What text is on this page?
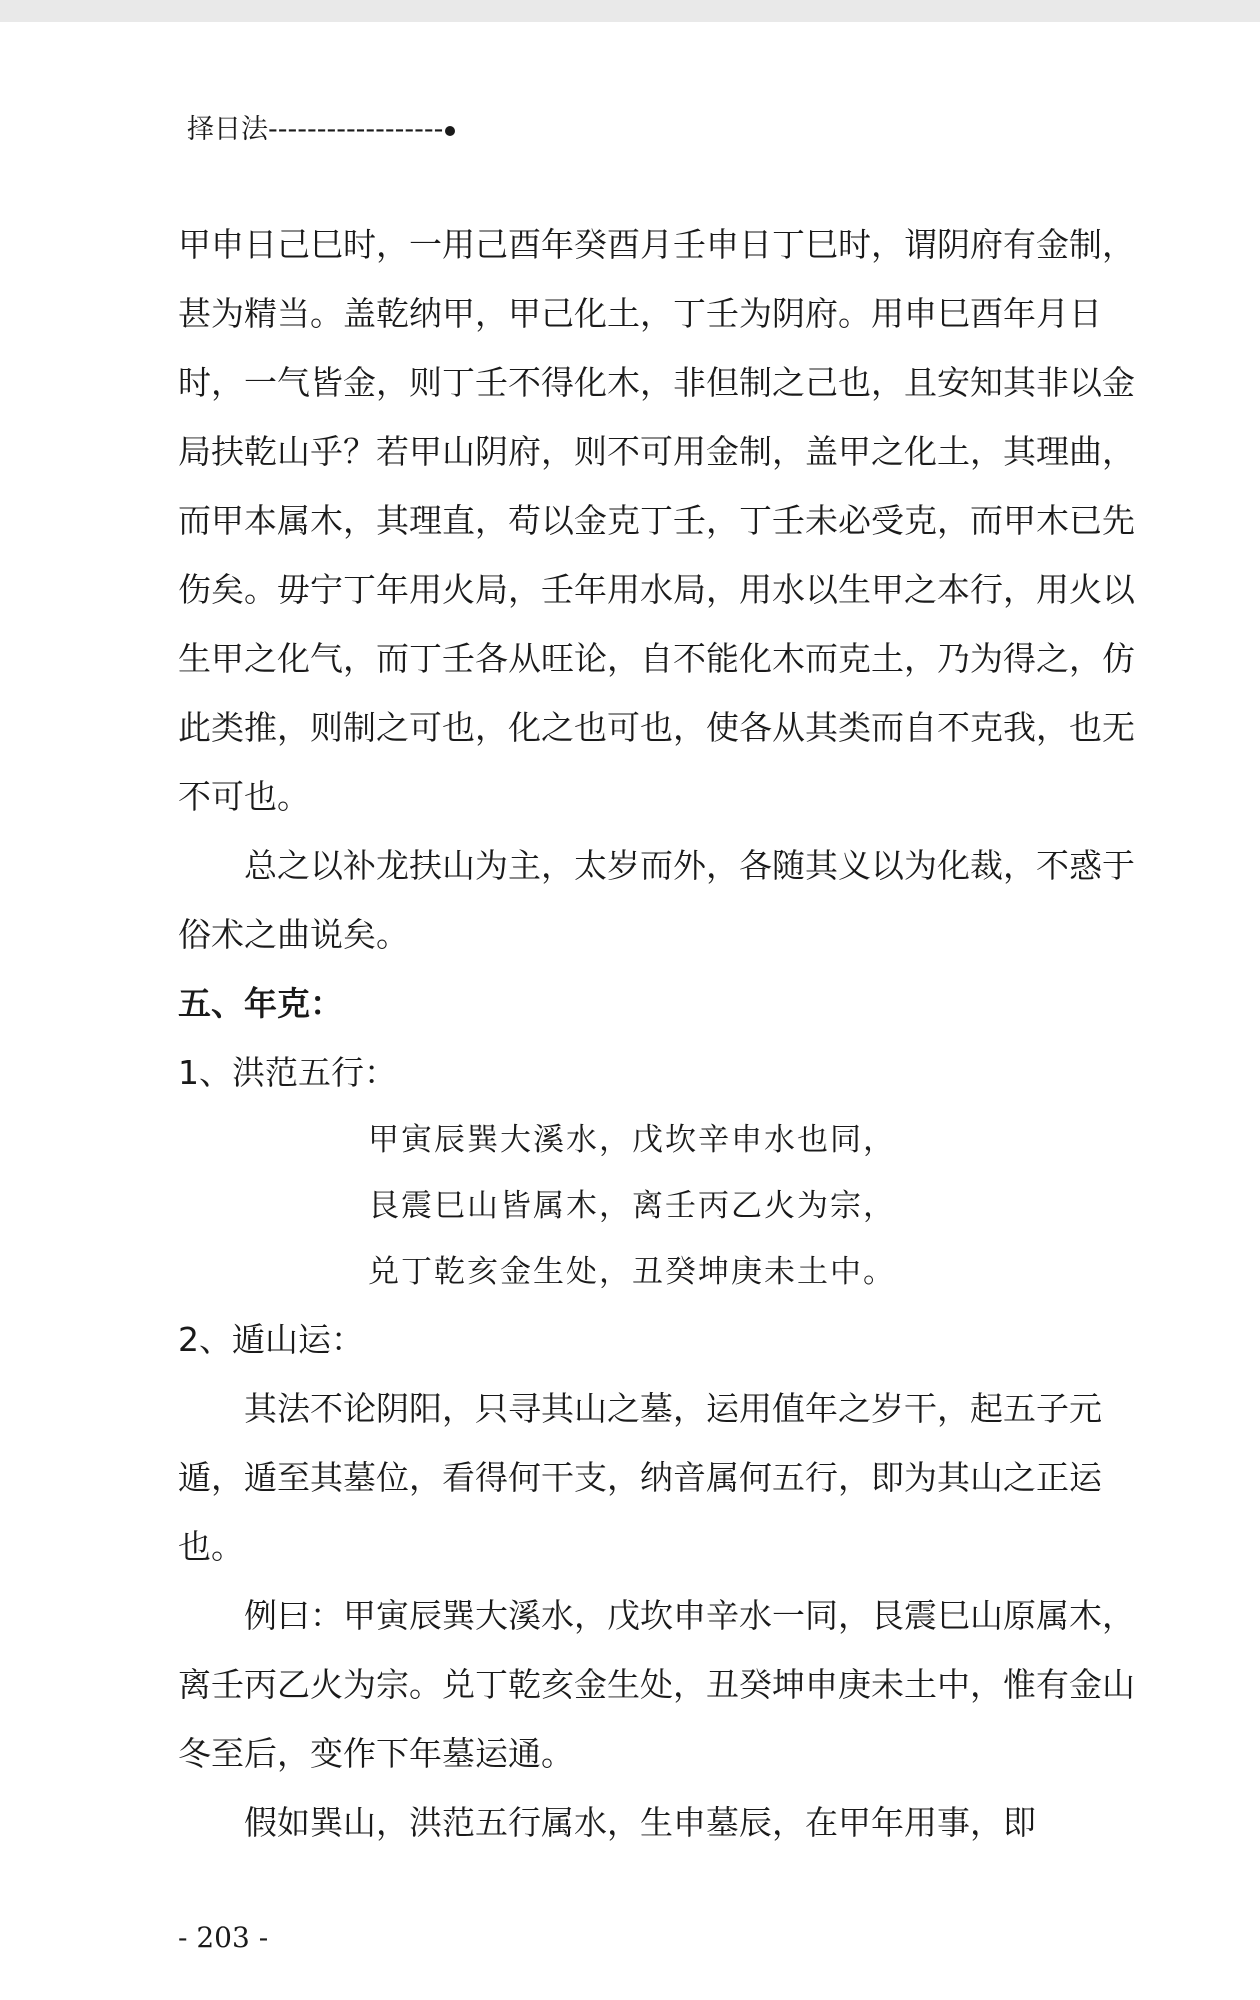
择日法------------------

甲申日己巳时，一用己酉年癸酉月壬申日丁巳时，谓阴府有金制，甚为精当。盖乾纳甲，甲己化土，丁壬为阴府。用申巳酉年月日时，一气皆金，则丁壬不得化木，非但制之己也，且安知其非以金局扶乾山乎？若甲山阴府，则不可用金制，盖甲之化土，其理曲，而甲本属木，其理直，苟以金克丁壬，丁壬未必受克，而甲木已先伤矣。毋宁丁年用火局，壬年用水局，用水以生甲之本行，用火以生甲之化气，而丁壬各从旺论，自不能化木而克土，乃为得之，仿此类推，则制之可也，化之也可也，使各从其类而自不克我，也无不可也。

总之以补龙扶山为主，太岁而外，各随其义以为化裁，不惑于俗术之曲说矣。

五、年克：

1、洪范五行：

甲寅辰巽大溪水，戊坎辛申水也同，

艮震巳山皆属木，离壬丙乙火为宗，

兑丁乾亥金生处，丑癸坤庚未土中。

2、遁山运：

其法不论阴阳，只寻其山之墓，运用值年之岁干，起五子元遁，遁至其墓位，看得何干支，纳音属何五行，即为其山之正运也。

例曰：甲寅辰巽大溪水，戊坎申辛水一同，艮震巳山原属木，离壬丙乙火为宗。兑丁乾亥金生处，丑癸坤申庚未土中，惟有金山冬至后，变作下年墓运通。

假如巽山，洪范五行属水，生申墓辰，在甲年用事，即

- 203 -
